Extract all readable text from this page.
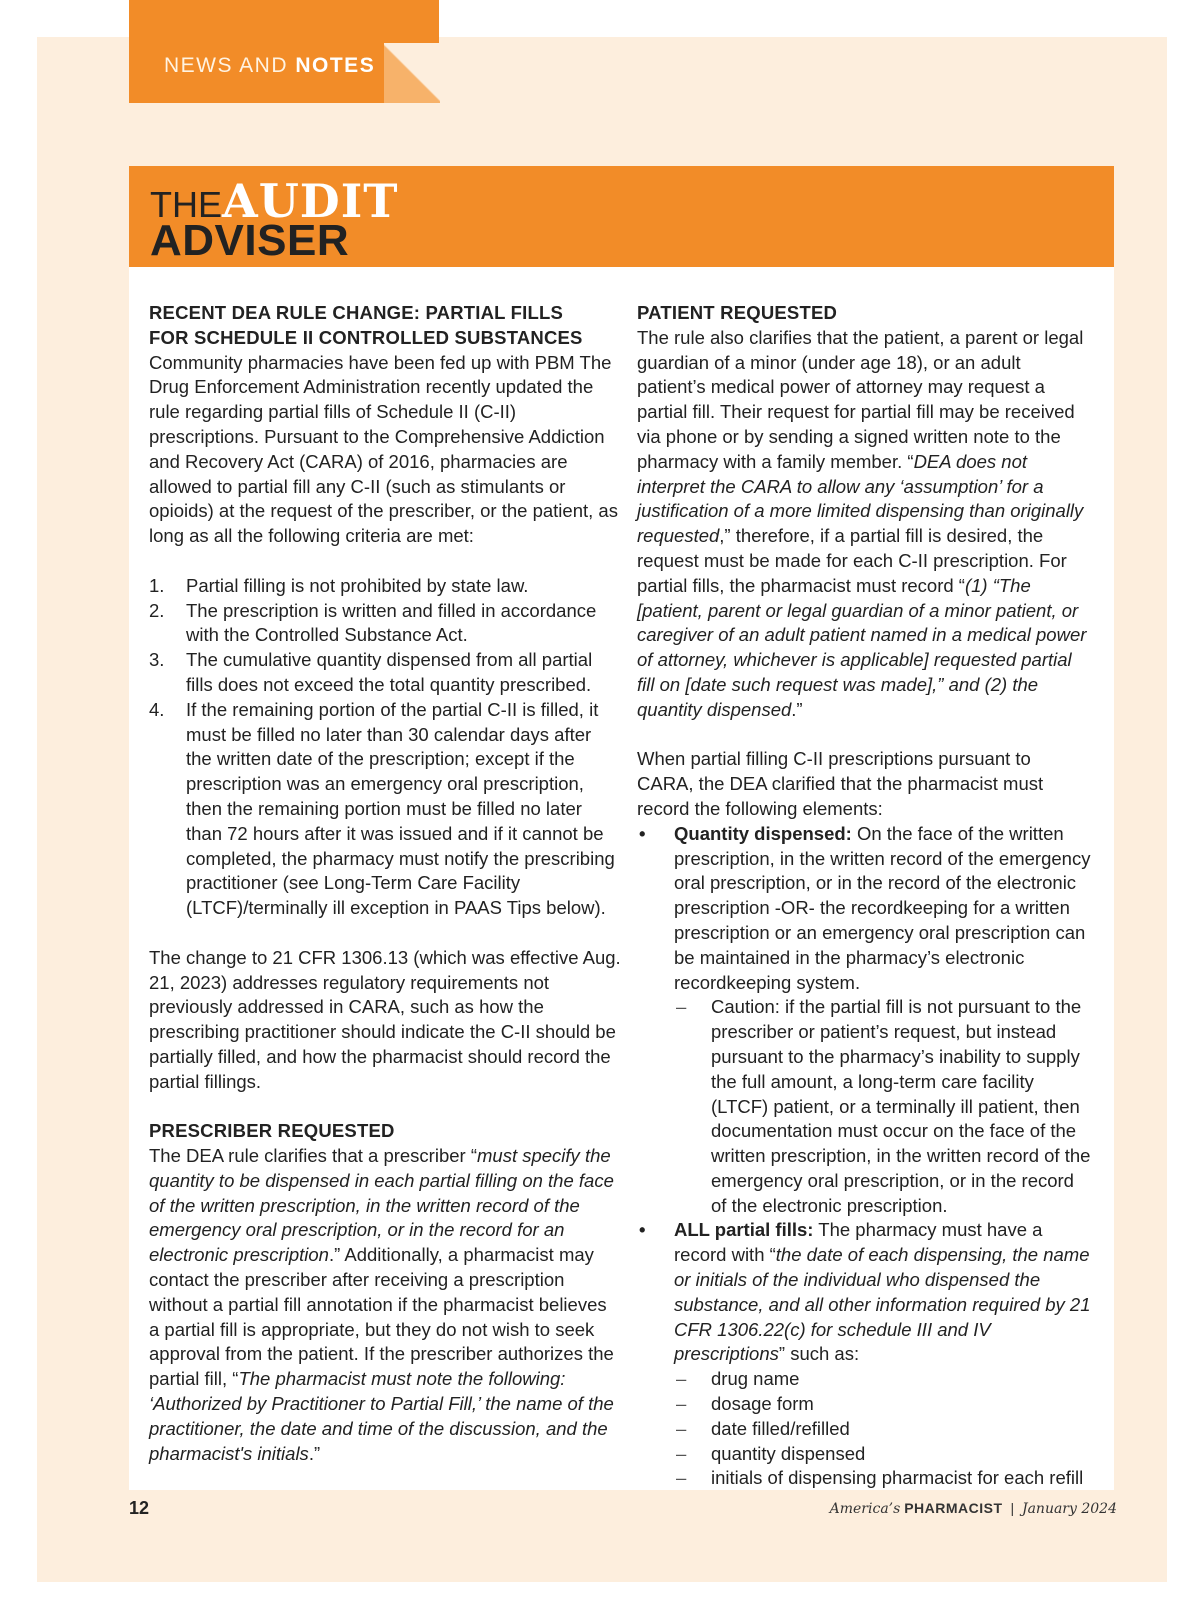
NEWS AND NOTES
THEAUDIT
ADVISER
RECENT DEA RULE CHANGE: PARTIAL FILLS
FOR SCHEDULE II CONTROLLED SUBSTANCES

Community pharmacies have been fed up with PBM The Drug Enforcement Administration recently updated the rule regarding partial fills of Schedule II (C-II) prescriptions. Pursuant to the Comprehensive Addiction and Recovery Act (CARA) of 2016, pharmacies are allowed to partial fill any C-II (such as stimulants or opioids) at the request of the prescriber, or the patient, as long as all the following criteria are met:

1. Partial filling is not prohibited by state law.
2. The prescription is written and filled in accordance with the Controlled Substance Act.
3. The cumulative quantity dispensed from all partial fills does not exceed the total quantity prescribed.
4. If the remaining portion of the partial C-II is filled, it must be filled no later than 30 calendar days after the written date of the prescription; except if the prescription was an emergency oral prescription, then the remaining portion must be filled no later than 72 hours after it was issued and if it cannot be completed, the pharmacy must notify the prescribing practitioner (see Long-Term Care Facility (LTCF)/terminally ill exception in PAAS Tips below).

The change to 21 CFR 1306.13 (which was effective Aug. 21, 2023) addresses regulatory requirements not previously addressed in CARA, such as how the prescribing practitioner should indicate the C-II should be partially filled, and how the pharmacist should record the partial fillings.

PRESCRIBER REQUESTED

The DEA rule clarifies that a prescriber “must specify the quantity to be dispensed in each partial filling on the face of the written prescription, in the written record of the emergency oral prescription, or in the record for an electronic prescription.” Additionally, a pharmacist may contact the prescriber after receiving a prescription without a partial fill annotation if the pharmacist believes a partial fill is appropriate, but they do not wish to seek approval from the patient. If the prescriber authorizes the partial fill, “The pharmacist must note the following: ‘Authorized by Practitioner to Partial Fill,’ the name of the practitioner, the date and time of the discussion, and the pharmacist's initials.”

PATIENT REQUESTED

The rule also clarifies that the patient, a parent or legal guardian of a minor (under age 18), or an adult patient’s medical power of attorney may request a partial fill. Their request for partial fill may be received via phone or by sending a signed written note to the pharmacy with a family member. “DEA does not interpret the CARA to allow any ‘assumption’ for a justification of a more limited dispensing than originally requested,” therefore, if a partial fill is desired, the request must be made for each C-II prescription. For partial fills, the pharmacist must record “(1) “The [patient, parent or legal guardian of a minor patient, or caregiver of an adult patient named in a medical power of attorney, whichever is applicable] requested partial fill on [date such request was made],” and (2) the quantity dispensed.”

When partial filling C-II prescriptions pursuant to CARA, the DEA clarified that the pharmacist must record the following elements:

• Quantity dispensed: On the face of the written prescription, in the written record of the emergency oral prescription, or in the record of the electronic prescription -OR- the recordkeeping for a written prescription or an emergency oral prescription can be maintained in the pharmacy’s electronic recordkeeping system.
– Caution: if the partial fill is not pursuant to the prescriber or patient’s request, but instead pursuant to the pharmacy’s inability to supply the full amount, a long-term care facility (LTCF) patient, or a terminally ill patient, then documentation must occur on the face of the written prescription, in the written record of the emergency oral prescription, or in the record of the electronic prescription.
• ALL partial fills: The pharmacy must have a record with “the date of each dispensing, the name or initials of the individual who dispensed the substance, and all other information required by 21 CFR 1306.22(c) for schedule III and IV prescriptions” such as:
– drug name
– dosage form
– date filled/refilled
– quantity dispensed
– initials of dispensing pharmacist for each refill
12	America’s PHARMACIST | January 2024
